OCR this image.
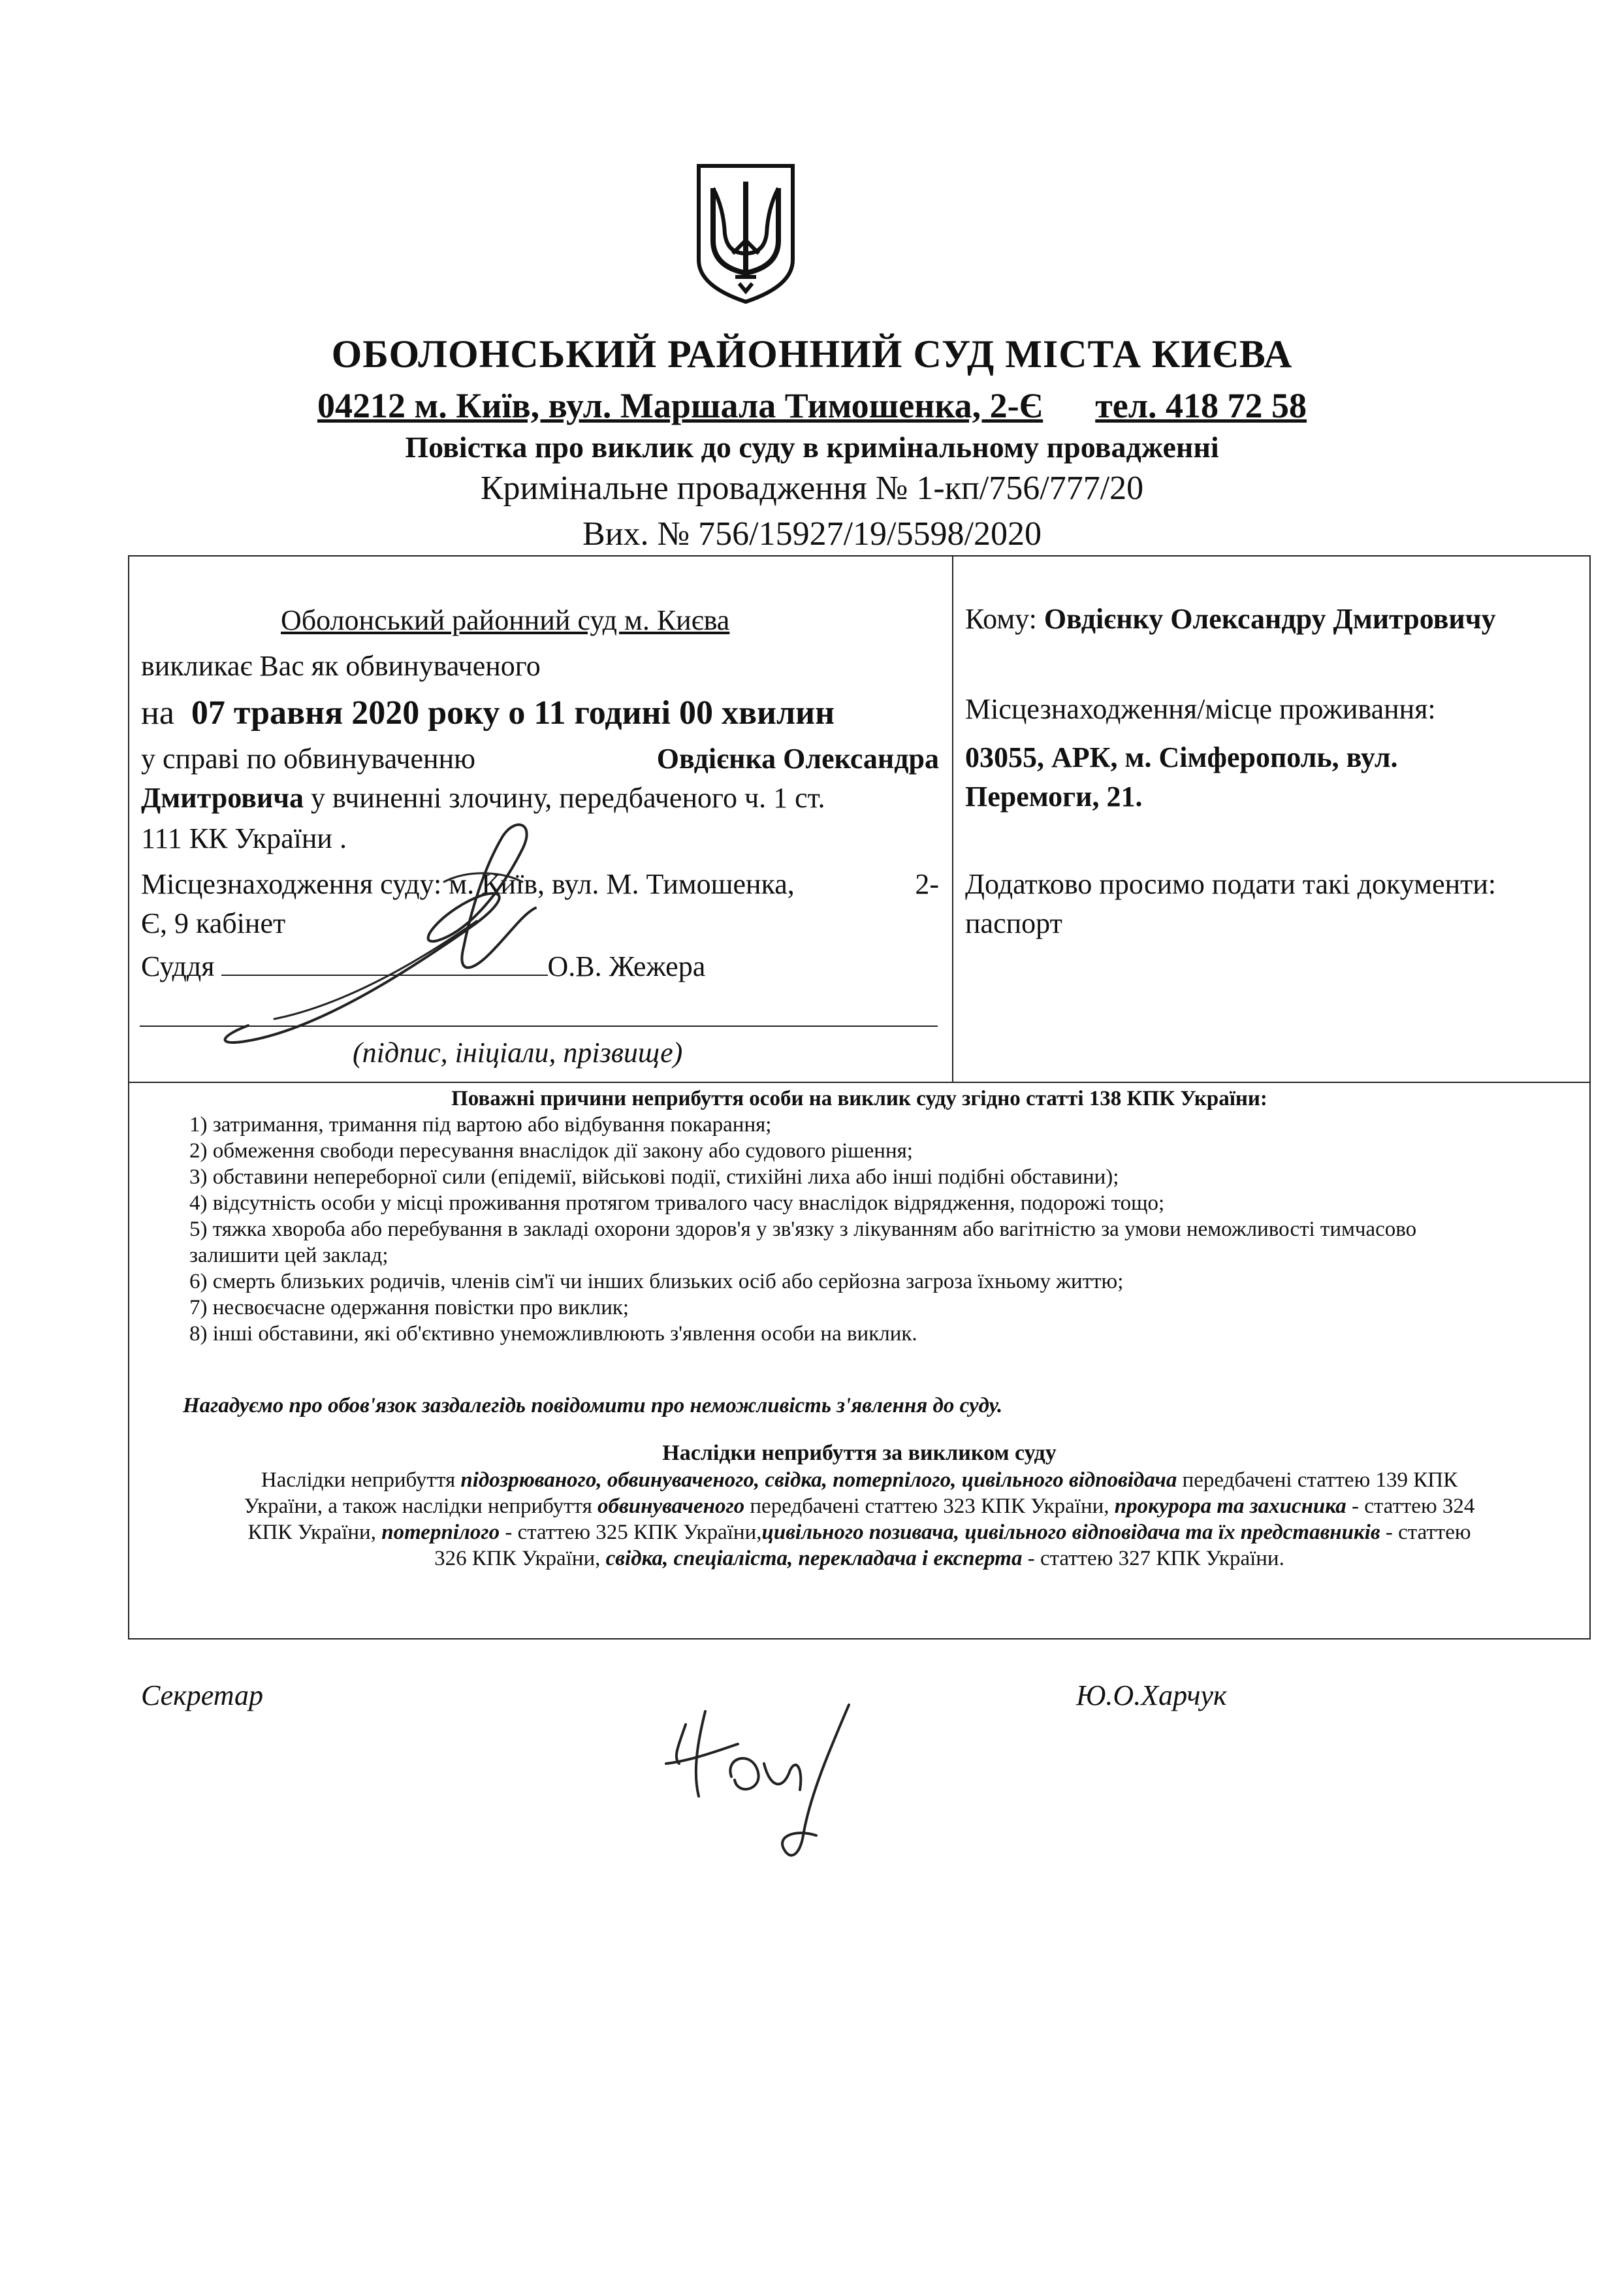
ОБОЛОНСЬКИЙ РАЙОННИЙ СУД МІСТА КИЄВА
04212 м. Київ, вул. Маршала Тимошенка, 2-Є тел. 418 72 58
Повістка про виклик до суду в кримінальному провадженні
Кримінальне провадження № 1-кп/756/777/20
Вих. № 756/15927/19/5598/2020
Оболонський районний суд м. Києва
викликає Вас як обвинуваченого
на 07 травня 2020 року о 11 годині 00 хвилин
у справі по обвинуваченню	Овдієнка Олександра
Дмитровича у вчиненні злочину, передбаченого ч. 1 ст.
111 КК України .
Місцезнаходження суду: м. Київ, вул. М. Тимошенка,	2-
Є, 9 кабінет
Суддя	О.В. Жежера
(підпис, ініціали, прізвище)
Кому: Овдієнку Олександру Дмитровичу
Місцезнаходження/місце проживання:
03055, АРК, м. Сімферополь, вул.
Перемоги, 21.
Додатково просимо подати такі документи:
паспорт
Поважні причини неприбуття особи на виклик суду згідно статті 138 КПК України:
1) затримання, тримання під вартою або відбування покарання;
2) обмеження свободи пересування внаслідок дії закону або судового рішення;
3) обставини непереборної сили (епідемії, військові події, стихійні лиха або інші подібні обставини);
4) відсутність особи у місці проживання протягом тривалого часу внаслідок відрядження, подорожі тощо;
5) тяжка хвороба або перебування в закладі охорони здоров'я у зв'язку з лікуванням або вагітністю за умови неможливості тимчасово
залишити цей заклад;
6) смерть близьких родичів, членів сім'ї чи інших близьких осіб або серйозна загроза їхньому життю;
7) несвоєчасне одержання повістки про виклик;
8) інші обставини, які об'єктивно унеможливлюють з'явлення особи на виклик.
Нагадуємо про обов'язок заздалегідь повідомити про неможливість з'явлення до суду.
Наслідки неприбуття за викликом суду
Наслідки неприбуття підозрюваного, обвинуваченого, свідка, потерпілого, цивільного відповідача передбачені статтею 139 КПК
України, а також наслідки неприбуття обвинуваченого передбачені статтею 323 КПК України, прокурора та захисника - статтею 324
КПК України, потерпілого - статтею 325 КПК України,цивільного позивача, цивільного відповідача та їх представників - статтею
326 КПК України, свідка, спеціаліста, перекладача і експерта - статтею 327 КПК України.
Секретар	Ю.О.Харчук
